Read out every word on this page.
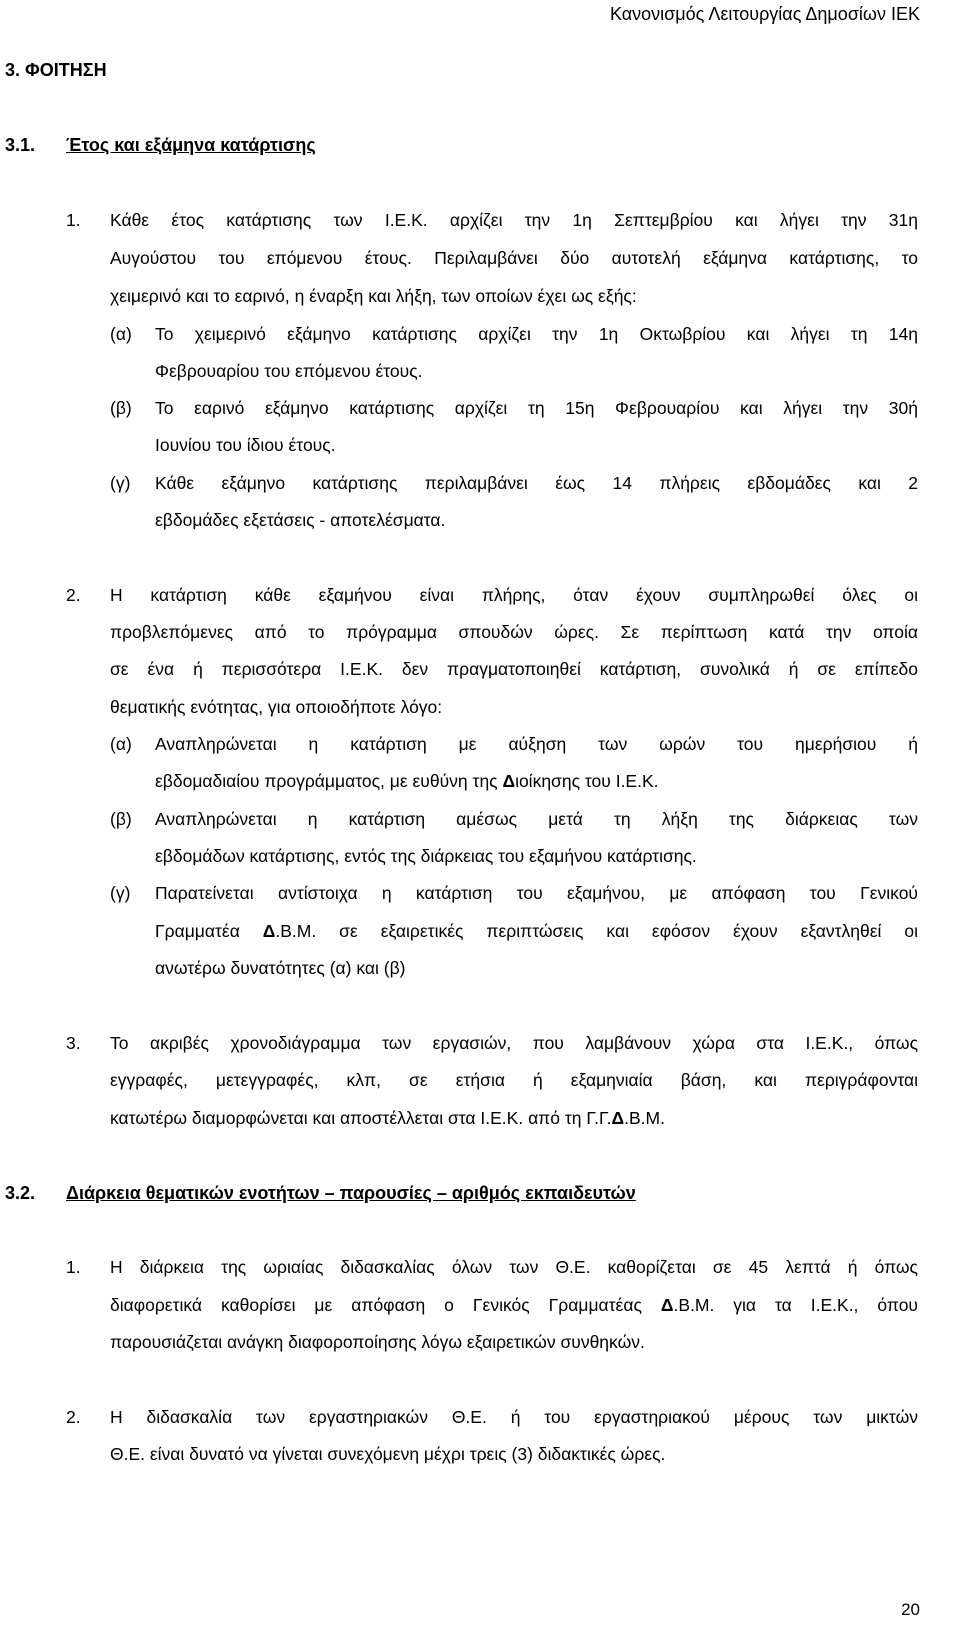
Κανονισμός Λειτουργίας Δημοσίων ΙΕΚ
3. ΦΟΙΤΗΣΗ
3.1. Έτος και εξάμηνα κατάρτισης
1. Κάθε έτος κατάρτισης των Ι.Ε.Κ. αρχίζει την 1η Σεπτεμβρίου και λήγει την 31η
Αυγούστου του επόμενου έτους. Περιλαμβάνει δύο αυτοτελή εξάμηνα κατάρτισης, το
χειμερινό και το εαρινό, η έναρξη και λήξη, των οποίων έχει ως εξής:
(α) Το χειμερινό εξάμηνο κατάρτισης αρχίζει την 1η Οκτωβρίου και λήγει τη 14η
Φεβρουαρίου του επόμενου έτους.
(β) Το εαρινό εξάμηνο κατάρτισης αρχίζει τη 15η Φεβρουαρίου και λήγει την 30ή
Ιουνίου του ίδιου έτους.
(γ) Κάθε εξάμηνο κατάρτισης περιλαμβάνει έως 14 πλήρεις εβδομάδες και 2
εβδομάδες εξετάσεις - αποτελέσματα.
2. Η κατάρτιση κάθε εξαμήνου είναι πλήρης, όταν έχουν συμπληρωθεί όλες οι
προβλεπόμενες από το πρόγραμμα σπουδών ώρες. Σε περίπτωση κατά την οποία
σε ένα ή περισσότερα Ι.Ε.Κ. δεν πραγματοποιηθεί κατάρτιση, συνολικά ή σε επίπεδο
θεματικής ενότητας, για οποιοδήποτε λόγο:
(α) Αναπληρώνεται η κατάρτιση με αύξηση των ωρών του ημερήσιου ή
εβδομαδιαίου προγράμματος, με ευθύνη της Διοίκησης του Ι.Ε.Κ.
(β) Αναπληρώνεται η κατάρτιση αμέσως μετά τη λήξη της διάρκειας των
εβδομάδων κατάρτισης, εντός της διάρκειας του εξαμήνου κατάρτισης.
(γ) Παρατείνεται αντίστοιχα η κατάρτιση του εξαμήνου, με απόφαση του Γενικού
Γραμματέα Δ.Β.Μ. σε εξαιρετικές περιπτώσεις και εφόσον έχουν εξαντληθεί οι
ανωτέρω δυνατότητες (α) και (β)
3. Το ακριβές χρονοδιάγραμμα των εργασιών, που λαμβάνουν χώρα στα Ι.Ε.Κ., όπως
εγγραφές, μετεγγραφές, κλπ, σε ετήσια ή εξαμηνιαία βάση, και περιγράφονται
κατωτέρω διαμορφώνεται και αποστέλλεται στα Ι.Ε.Κ. από τη Γ.Γ.Δ.Β.Μ.
3.2. Διάρκεια θεματικών ενοτήτων – παρουσίες – αριθμός εκπαιδευτών
1. Η διάρκεια της ωριαίας διδασκαλίας όλων των Θ.Ε. καθορίζεται σε 45 λεπτά ή όπως
διαφορετικά καθορίσει με απόφαση ο Γενικός Γραμματέας Δ.Β.Μ. για τα Ι.Ε.Κ., όπου
παρουσιάζεται ανάγκη διαφοροποίησης λόγω εξαιρετικών συνθηκών.
2. Η διδασκαλία των εργαστηριακών Θ.Ε. ή του εργαστηριακού μέρους των μικτών
Θ.Ε. είναι δυνατό να γίνεται συνεχόμενη μέχρι τρεις (3) διδακτικές ώρες.
20
